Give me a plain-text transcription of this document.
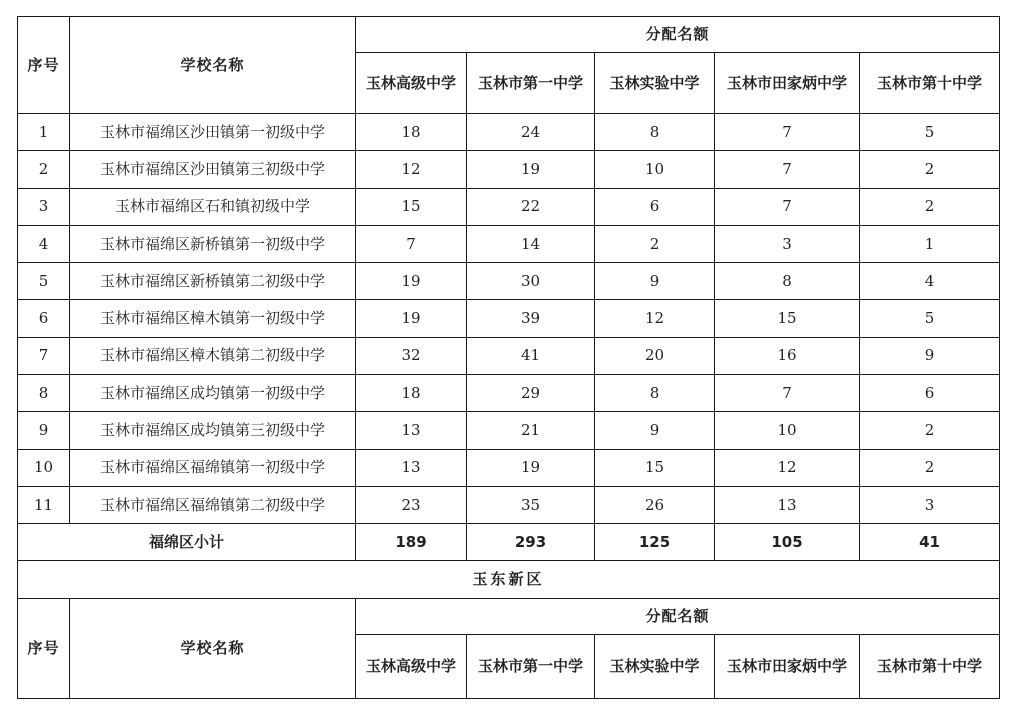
序号	学校名称	分配名额				
		玉林高级中学	玉林市第一中学	玉林实验中学	玉林市田家炳中学	玉林市第十中学
1	玉林市福绵区沙田镇第一初级中学	18	24	8	7	5
2	玉林市福绵区沙田镇第三初级中学	12	19	10	7	2
3	玉林市福绵区石和镇初级中学	15	22	6	7	2
4	玉林市福绵区新桥镇第一初级中学	7	14	2	3	1
5	玉林市福绵区新桥镇第二初级中学	19	30	9	8	4
6	玉林市福绵区樟木镇第一初级中学	19	39	12	15	5
7	玉林市福绵区樟木镇第二初级中学	32	41	20	16	9
8	玉林市福绵区成均镇第一初级中学	18	29	8	7	6
9	玉林市福绵区成均镇第三初级中学	13	21	9	10	2
10	玉林市福绵区福绵镇第一初级中学	13	19	15	12	2
11	玉林市福绵区福绵镇第二初级中学	23	35	26	13	3
福绵区小计		189	293	125	105	41
玉东新区						
序号	学校名称	分配名额				
		玉林高级中学	玉林市第一中学	玉林实验中学	玉林市田家炳中学	玉林市第十中学
